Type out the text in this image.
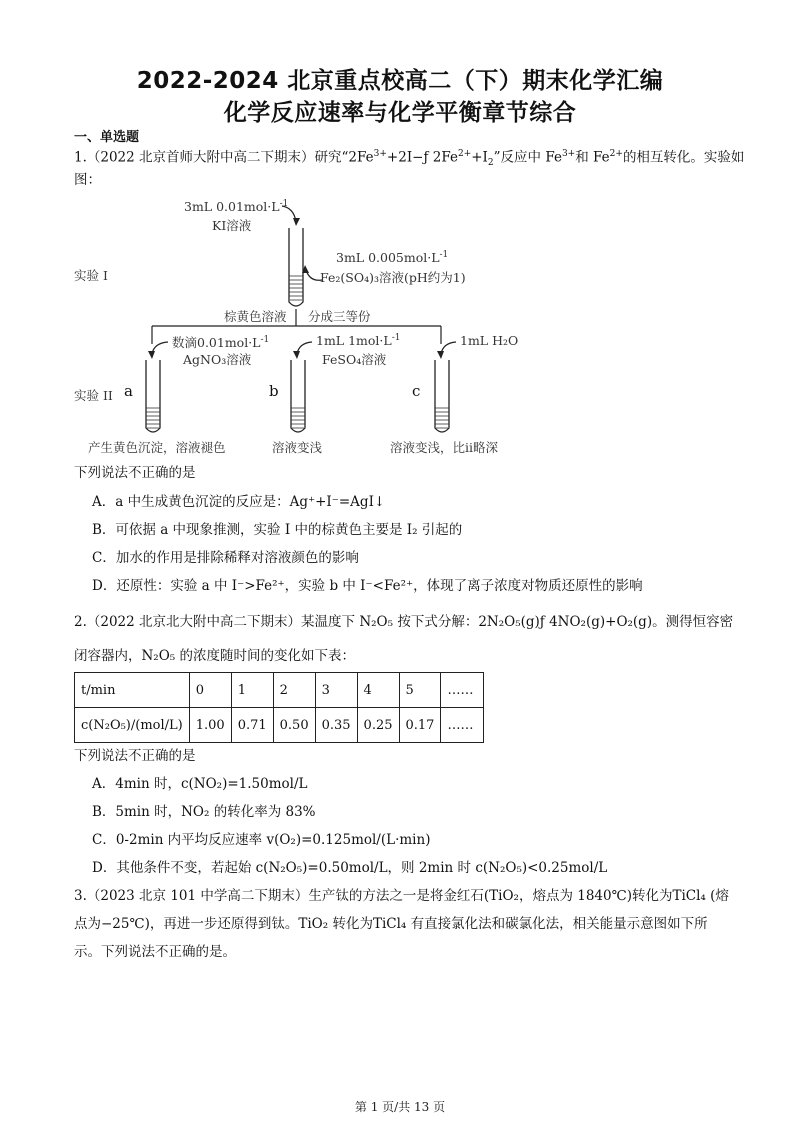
2022-2024 北京重点校高二（下）期末化学汇编
化学反应速率与化学平衡章节综合
一、单选题
1.（2022 北京首师大附中高二下期末）研究“$2Fe^{3+}+2I-ƒ$ $2Fe^{2+}+I_2$”反应中 $Fe^{3+}$和 $Fe^{2+}$的相互转化。实验如
图：
3mL $0.01mol\cdot L^{-1}$
KI溶液
3mL $0.005mol\cdot L^{-1}$
Fe₂(SO₄)₃溶液(pH约为1)
实验 I
棕黄色溶液 分成三等份
数滴$0.01mol\cdot L^{-1}$
AgNO₃溶液
1mL $1mol\cdot L^{-1}$
FeSO₄溶液
1mL H₂O
实验 II a	b	c
产生黄色沉淀，溶液褪色	溶液变浅	溶液变浅，比ii略深
下列说法不正确的是
A．a 中生成黄色沉淀的反应是：Ag⁺+I⁻=AgI↓
B．可依据 a 中现象推测，实验 I 中的棕黄色主要是 I₂ 引起的
C．加水的作用是排除稀释对溶液颜色的影响
D．还原性：实验 a 中 I⁻>Fe²⁺，实验 b 中 I⁻<Fe²⁺，体现了离子浓度对物质还原性的影响
2.（2022 北京北大附中高二下期末）某温度下 N₂O₅ 按下式分解：2N₂O₅(g)ƒ 4NO₂(g)+O₂(g)。测得恒容密
闭容器内，N₂O₅ 的浓度随时间的变化如下表：
t/min	0	1	2	3	4	5	……
c(N₂O₅)/(mol/L)	1.00	0.71	0.50	0.35	0.25	0.17	……
下列说法不正确的是
A．4min 时，c(NO₂)=1.50mol/L
B．5min 时，NO₂ 的转化率为 83%
C．0-2min 内平均反应速率 v(O₂)=0.125mol/(L·min)
D．其他条件不变，若起始 c(N₂O₅)=0.50mol/L，则 2min 时 c(N₂O₅)<0.25mol/L
3.（2023 北京 101 中学高二下期末）生产钛的方法之一是将金红石(TiO₂，熔点为 1840℃)转化为TiCl₄ (熔
点为−25℃)，再进一步还原得到钛。TiO₂ 转化为TiCl₄ 有直接氯化法和碳氯化法，相关能量示意图如下所
示。下列说法不正确的是。
第 1 页/共 13 页
